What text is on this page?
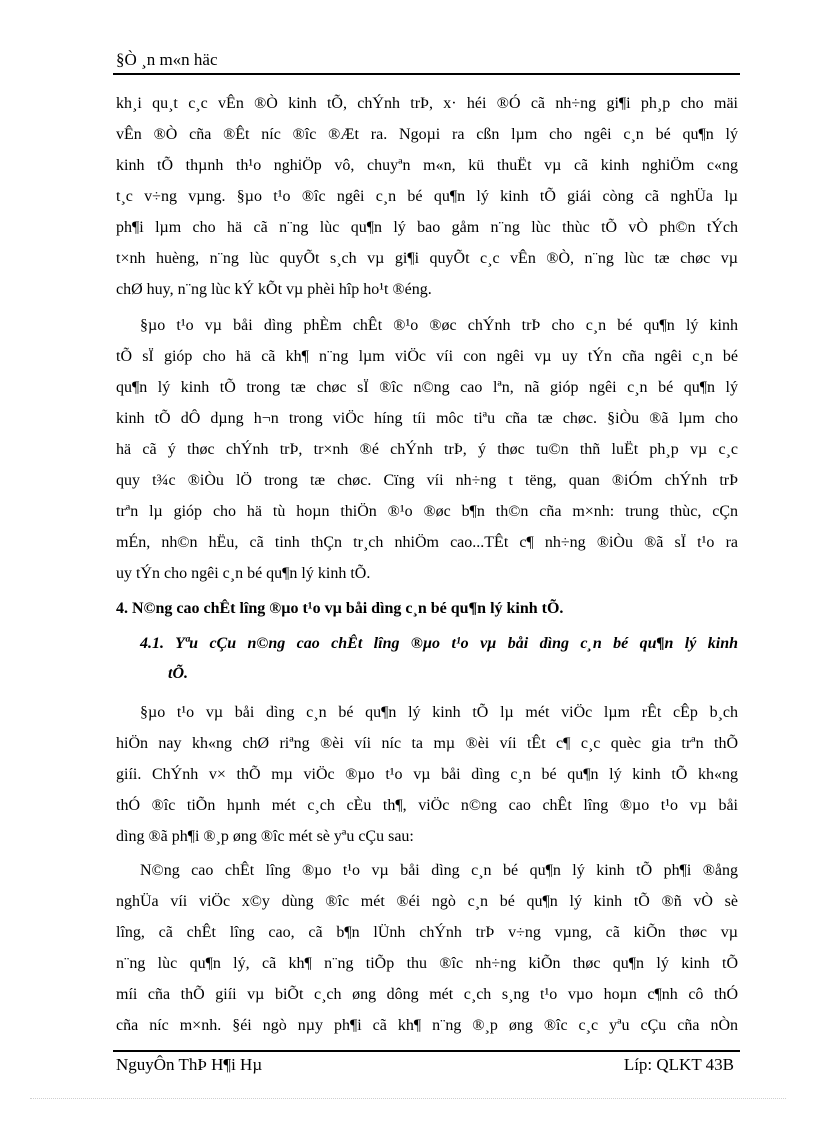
§Ò ¸n m«n häc
kh¸i qu¸t c¸c vÊn ®Ò kinh tÕ, chÝnh trÞ, x· héi ®Ó cã nh÷ng gi¶i ph¸p cho mäi
vÊn ®Ò cña ®Êt níc ®îc ®Æt ra. Ngoµi ra cßn lµm cho ngêi c¸n bé qu¶n lý
kinh tÕ thµnh th¹o nghiÖp vô, chuyªn m«n, kü thuËt vµ cã kinh nghiÖm c«ng
t¸c v÷ng vµng. §µo t¹o ®îc ngêi c¸n bé qu¶n lý kinh tÕ giái còng cã nghÜa lµ
ph¶i lµm cho hä cã n¨ng lùc qu¶n lý bao gåm n¨ng lùc thùc tÕ vÒ ph©n tÝch
t×nh huèng, n¨ng lùc quyÕt s¸ch vµ gi¶i quyÕt c¸c vÊn ®Ò, n¨ng lùc tæ chøc vµ
chØ huy, n¨ng lùc kÝ kÕt vµ phèi hîp ho¹t ®éng.
§µo t¹o vµ båi dìng phÈm chÊt ®¹o ®øc chÝnh trÞ cho c¸n bé qu¶n lý kinh
tÕ sÏ gióp cho hä cã kh¶ n¨ng lµm viÖc víi con ngêi vµ uy tÝn cña ngêi c¸n bé
qu¶n lý kinh tÕ trong tæ chøc sÏ ®îc n©ng cao lªn, nã gióp ngêi c¸n bé qu¶n lý
kinh tÕ dÔ dµng h¬n trong viÖc híng tíi môc tiªu cña tæ chøc. §iÒu ®ã lµm cho
hä cã ý thøc chÝnh trÞ, tr×nh ®é chÝnh trÞ, ý thøc tu©n thñ luËt ph¸p vµ c¸c
quy t¾c ®iÒu lÖ trong tæ chøc. Cïng víi nh÷ng t tëng, quan ®iÓm chÝnh trÞ
trªn lµ gióp cho hä tù hoµn thiÖn ®¹o ®øc b¶n th©n cña m×nh: trung thùc, cÇn
mÉn, nh©n hËu, cã tinh thÇn tr¸ch nhiÖm cao...TÊt c¶ nh÷ng ®iÒu ®ã sÏ t¹o ra
uy tÝn cho ngêi c¸n bé qu¶n lý kinh tÕ.
4. N©ng cao chÊt lîng ®µo t¹o vµ båi dìng c¸n bé qu¶n lý kinh tÕ.
4.1. Yªu cÇu n©ng cao chÊt lîng ®µo t¹o vµ båi dìng c¸n bé qu¶n lý kinh
tÕ.
§µo t¹o vµ båi dìng c¸n bé qu¶n lý kinh tÕ lµ mét viÖc lµm rÊt cÊp b¸ch
hiÖn nay kh«ng chØ riªng ®èi víi níc ta mµ ®èi víi tÊt c¶ c¸c quèc gia trªn thÕ
giíi. ChÝnh v× thÕ mµ viÖc ®µo t¹o vµ båi dìng c¸n bé qu¶n lý kinh tÕ kh«ng
thÓ ®îc tiÕn hµnh mét c¸ch cÈu th¶, viÖc n©ng cao chÊt lîng ®µo t¹o vµ båi
dìng ®ã ph¶i ®¸p øng ®îc mét sè yªu cÇu sau:
N©ng cao chÊt lîng ®µo t¹o vµ båi dìng c¸n bé qu¶n lý kinh tÕ ph¶i ®ång
nghÜa víi viÖc x©y dùng ®îc mét ®éi ngò c¸n bé qu¶n lý kinh tÕ ®ñ vÒ sè
lîng, cã chÊt lîng cao, cã b¶n lÜnh chÝnh trÞ v÷ng vµng, cã kiÕn thøc vµ
n¨ng lùc qu¶n lý, cã kh¶ n¨ng tiÕp thu ®îc nh÷ng kiÕn thøc qu¶n lý kinh tÕ
míi cña thÕ giíi vµ biÕt c¸ch øng dông mét c¸ch s¸ng t¹o vµo hoµn c¶nh cô thÓ
cña níc m×nh. §éi ngò nµy ph¶i cã kh¶ n¨ng ®¸p øng ®îc c¸c yªu cÇu cña nÒn
NguyÔn ThÞ H¶i Hµ	Líp: QLKT 43B
